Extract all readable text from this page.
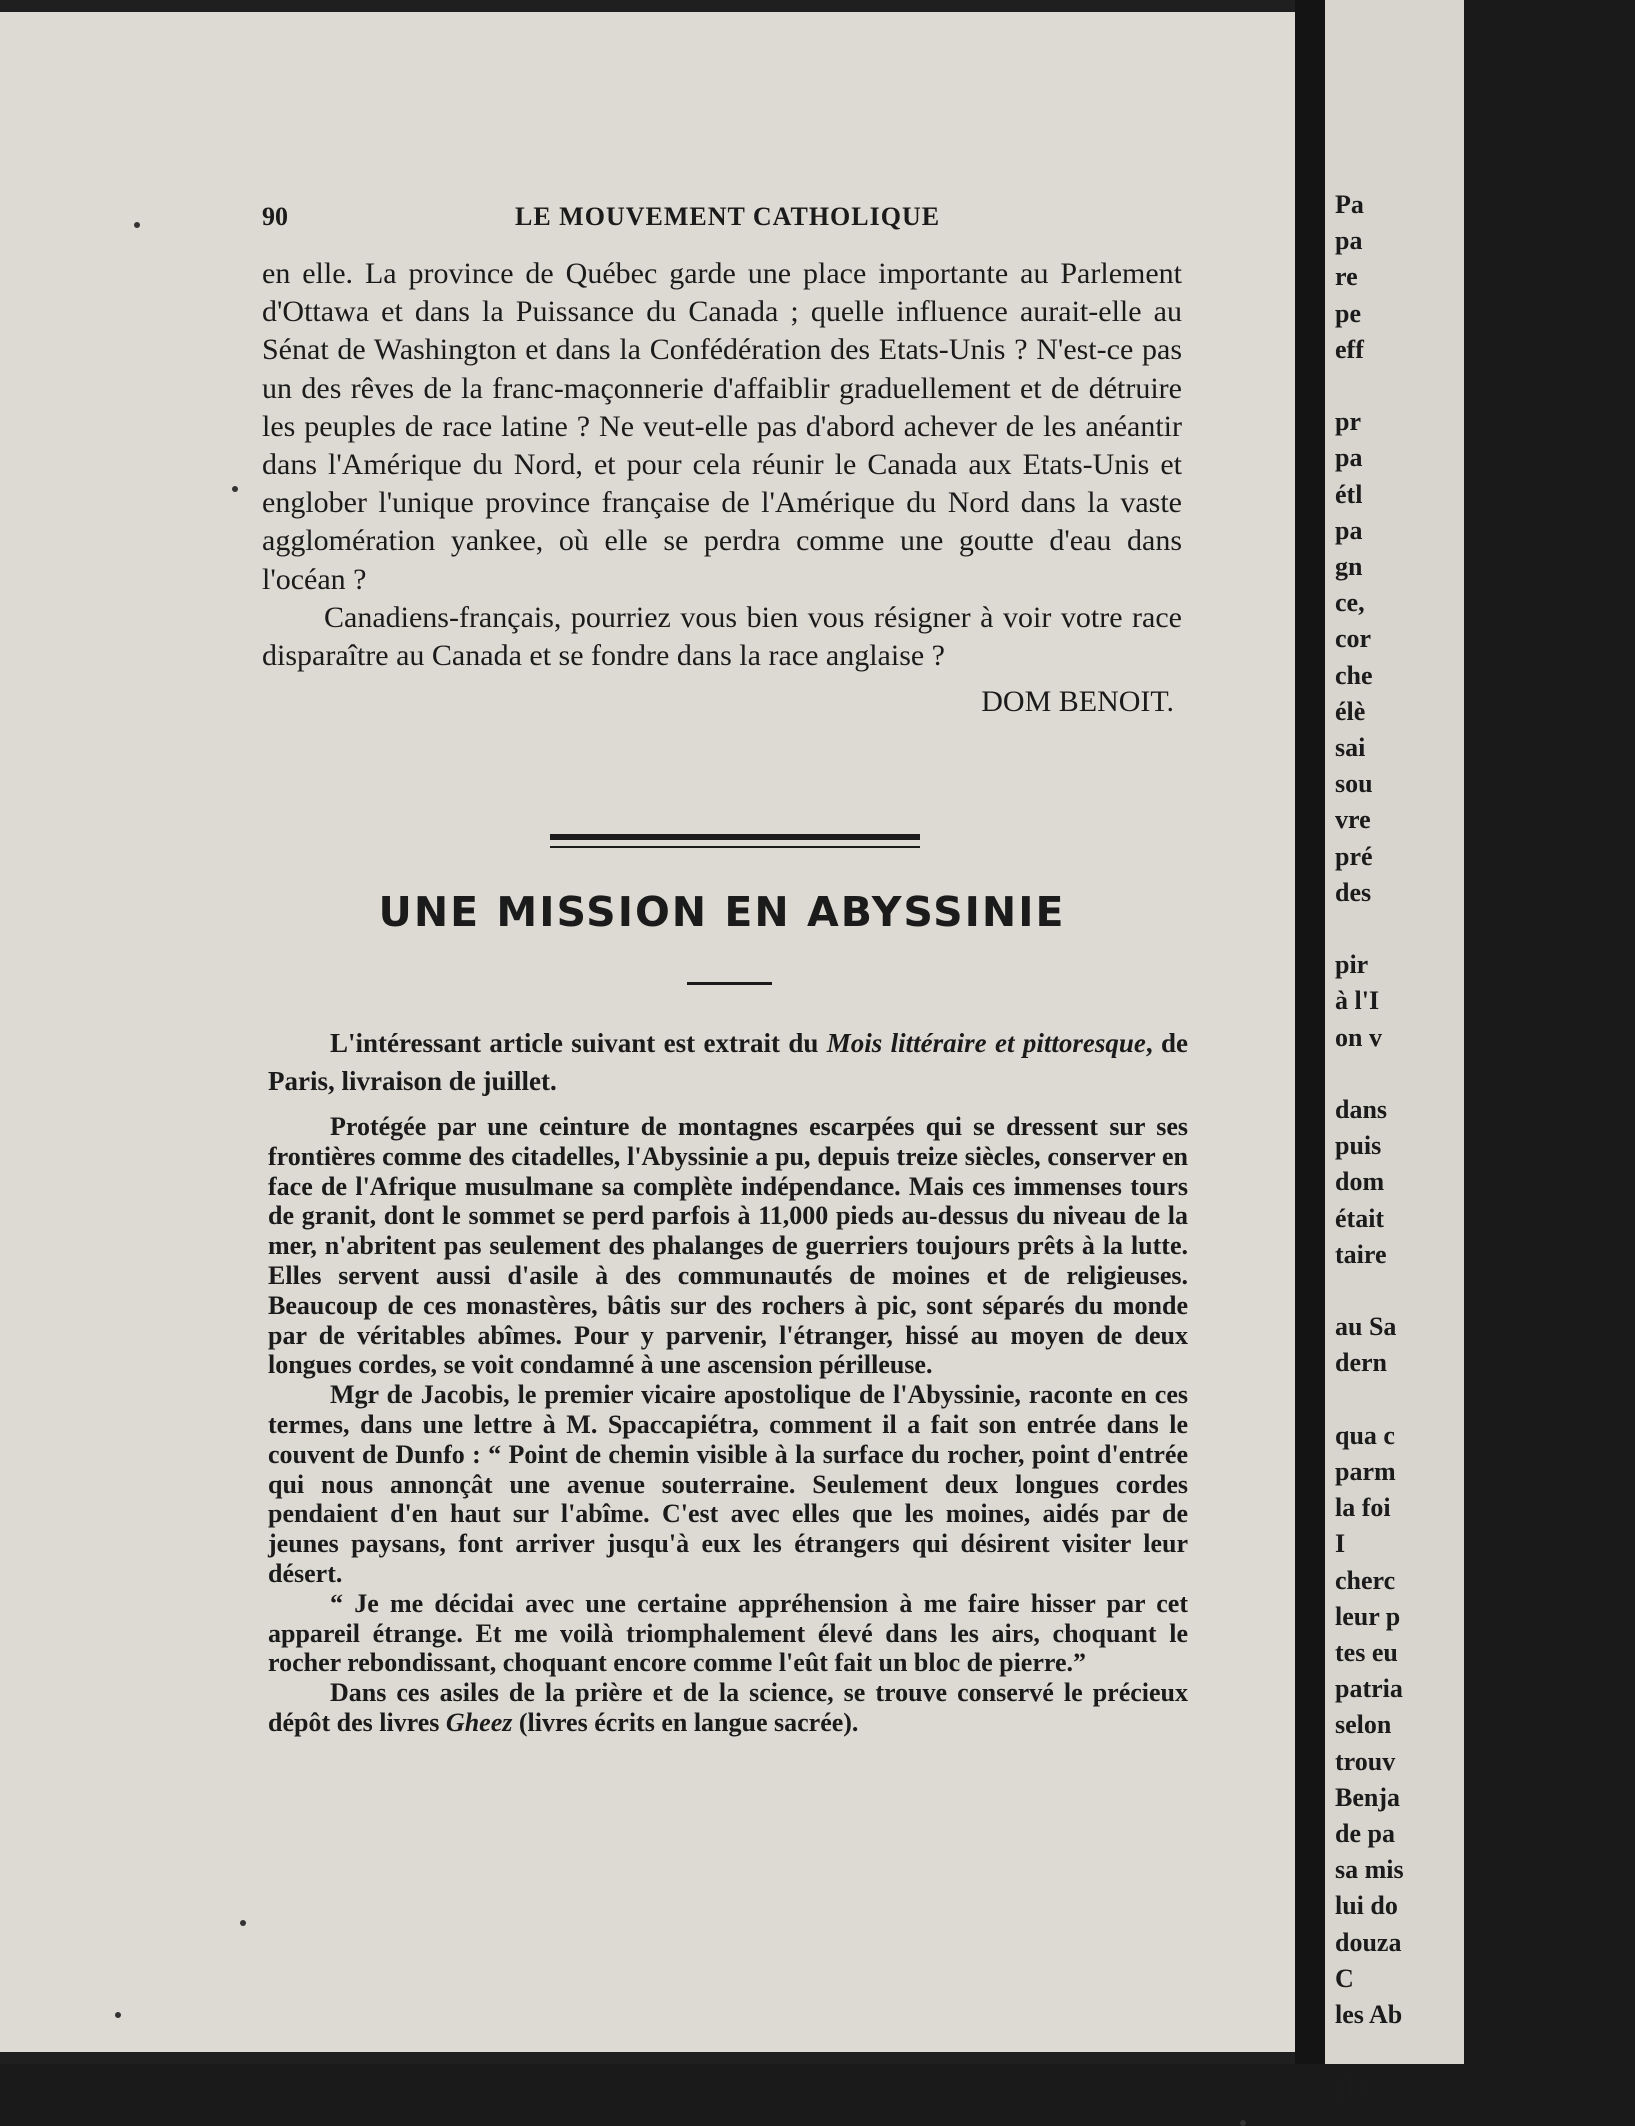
90	LE MOUVEMENT CATHOLIQUE

en elle. La province de Québec garde une place importante au Parlement d'Ottawa et dans la Puissance du Canada ; quelle influence aurait-elle au Sénat de Washington et dans la Confédération des Etats-Unis ? N'est-ce pas un des rêves de la franc-maçonnerie d'affaiblir graduellement et de détruire les peuples de race latine ? Ne veut-elle pas d'abord achever de les anéantir dans l'Amérique du Nord, et pour cela réunir le Canada aux Etats-Unis et englober l'unique province française de l'Amérique du Nord dans la vaste agglomération yankee, où elle se perdra comme une goutte d'eau dans l'océan ?

Canadiens-français, pourriez vous bien vous résigner à voir votre race disparaître au Canada et se fondre dans la race anglaise ?

DOM BENOIT.

UNE MISSION EN ABYSSINIE

L'intéressant article suivant est extrait du Mois littéraire et pittoresque, de Paris, livraison de juillet.

Protégée par une ceinture de montagnes escarpées qui se dressent sur ses frontières comme des citadelles, l'Abyssinie a pu, depuis treize siècles, conserver en face de l'Afrique musulmane sa complète indépendance. Mais ces immenses tours de granit, dont le sommet se perd parfois à 11,000 pieds au-dessus du niveau de la mer, n'abritent pas seulement des phalanges de guerriers toujours prêts à la lutte. Elles servent aussi d'asile à des communautés de moines et de religieuses. Beaucoup de ces monastères, bâtis sur des rochers à pic, sont séparés du monde par de véritables abîmes. Pour y parvenir, l'étranger, hissé au moyen de deux longues cordes, se voit condamné à une ascension périlleuse.

Mgr de Jacobis, le premier vicaire apostolique de l'Abyssinie, raconte en ces termes, dans une lettre à M. Spaccapiétra, comment il a fait son entrée dans le couvent de Dunfo : “ Point de chemin visible à la surface du rocher, point d'entrée qui nous annonçât une avenue souterraine. Seulement deux longues cordes pendaient d'en haut sur l'abîme. C'est avec elles que les moines, aidés par de jeunes paysans, font arriver jusqu'à eux les étrangers qui désirent visiter leur désert.

“ Je me décidai avec une certaine appréhension à me faire hisser par cet appareil étrange. Et me voilà triomphalement élevé dans les airs, choquant le rocher rebondissant, choquant encore comme l'eût fait un bloc de pierre.”

Dans ces asiles de la prière et de la science, se trouve conservé le précieux dépôt des livres Gheez (livres écrits en langue sacrée).

Pa
pa
re
pe
eff
pr
pa
étl
pa
gn
ce,
cor
che
élè
sai
sou
vre
pré
des
pir
à l'I
on v
dans
puis
dom
était
taire
au Sa
dern
qua c
parm
la foi
I
cherc
leur p
tes eu
patria
selon
trouv
Benja
de pa
sa mis
lui do
douza
C
les Ab
(1)
